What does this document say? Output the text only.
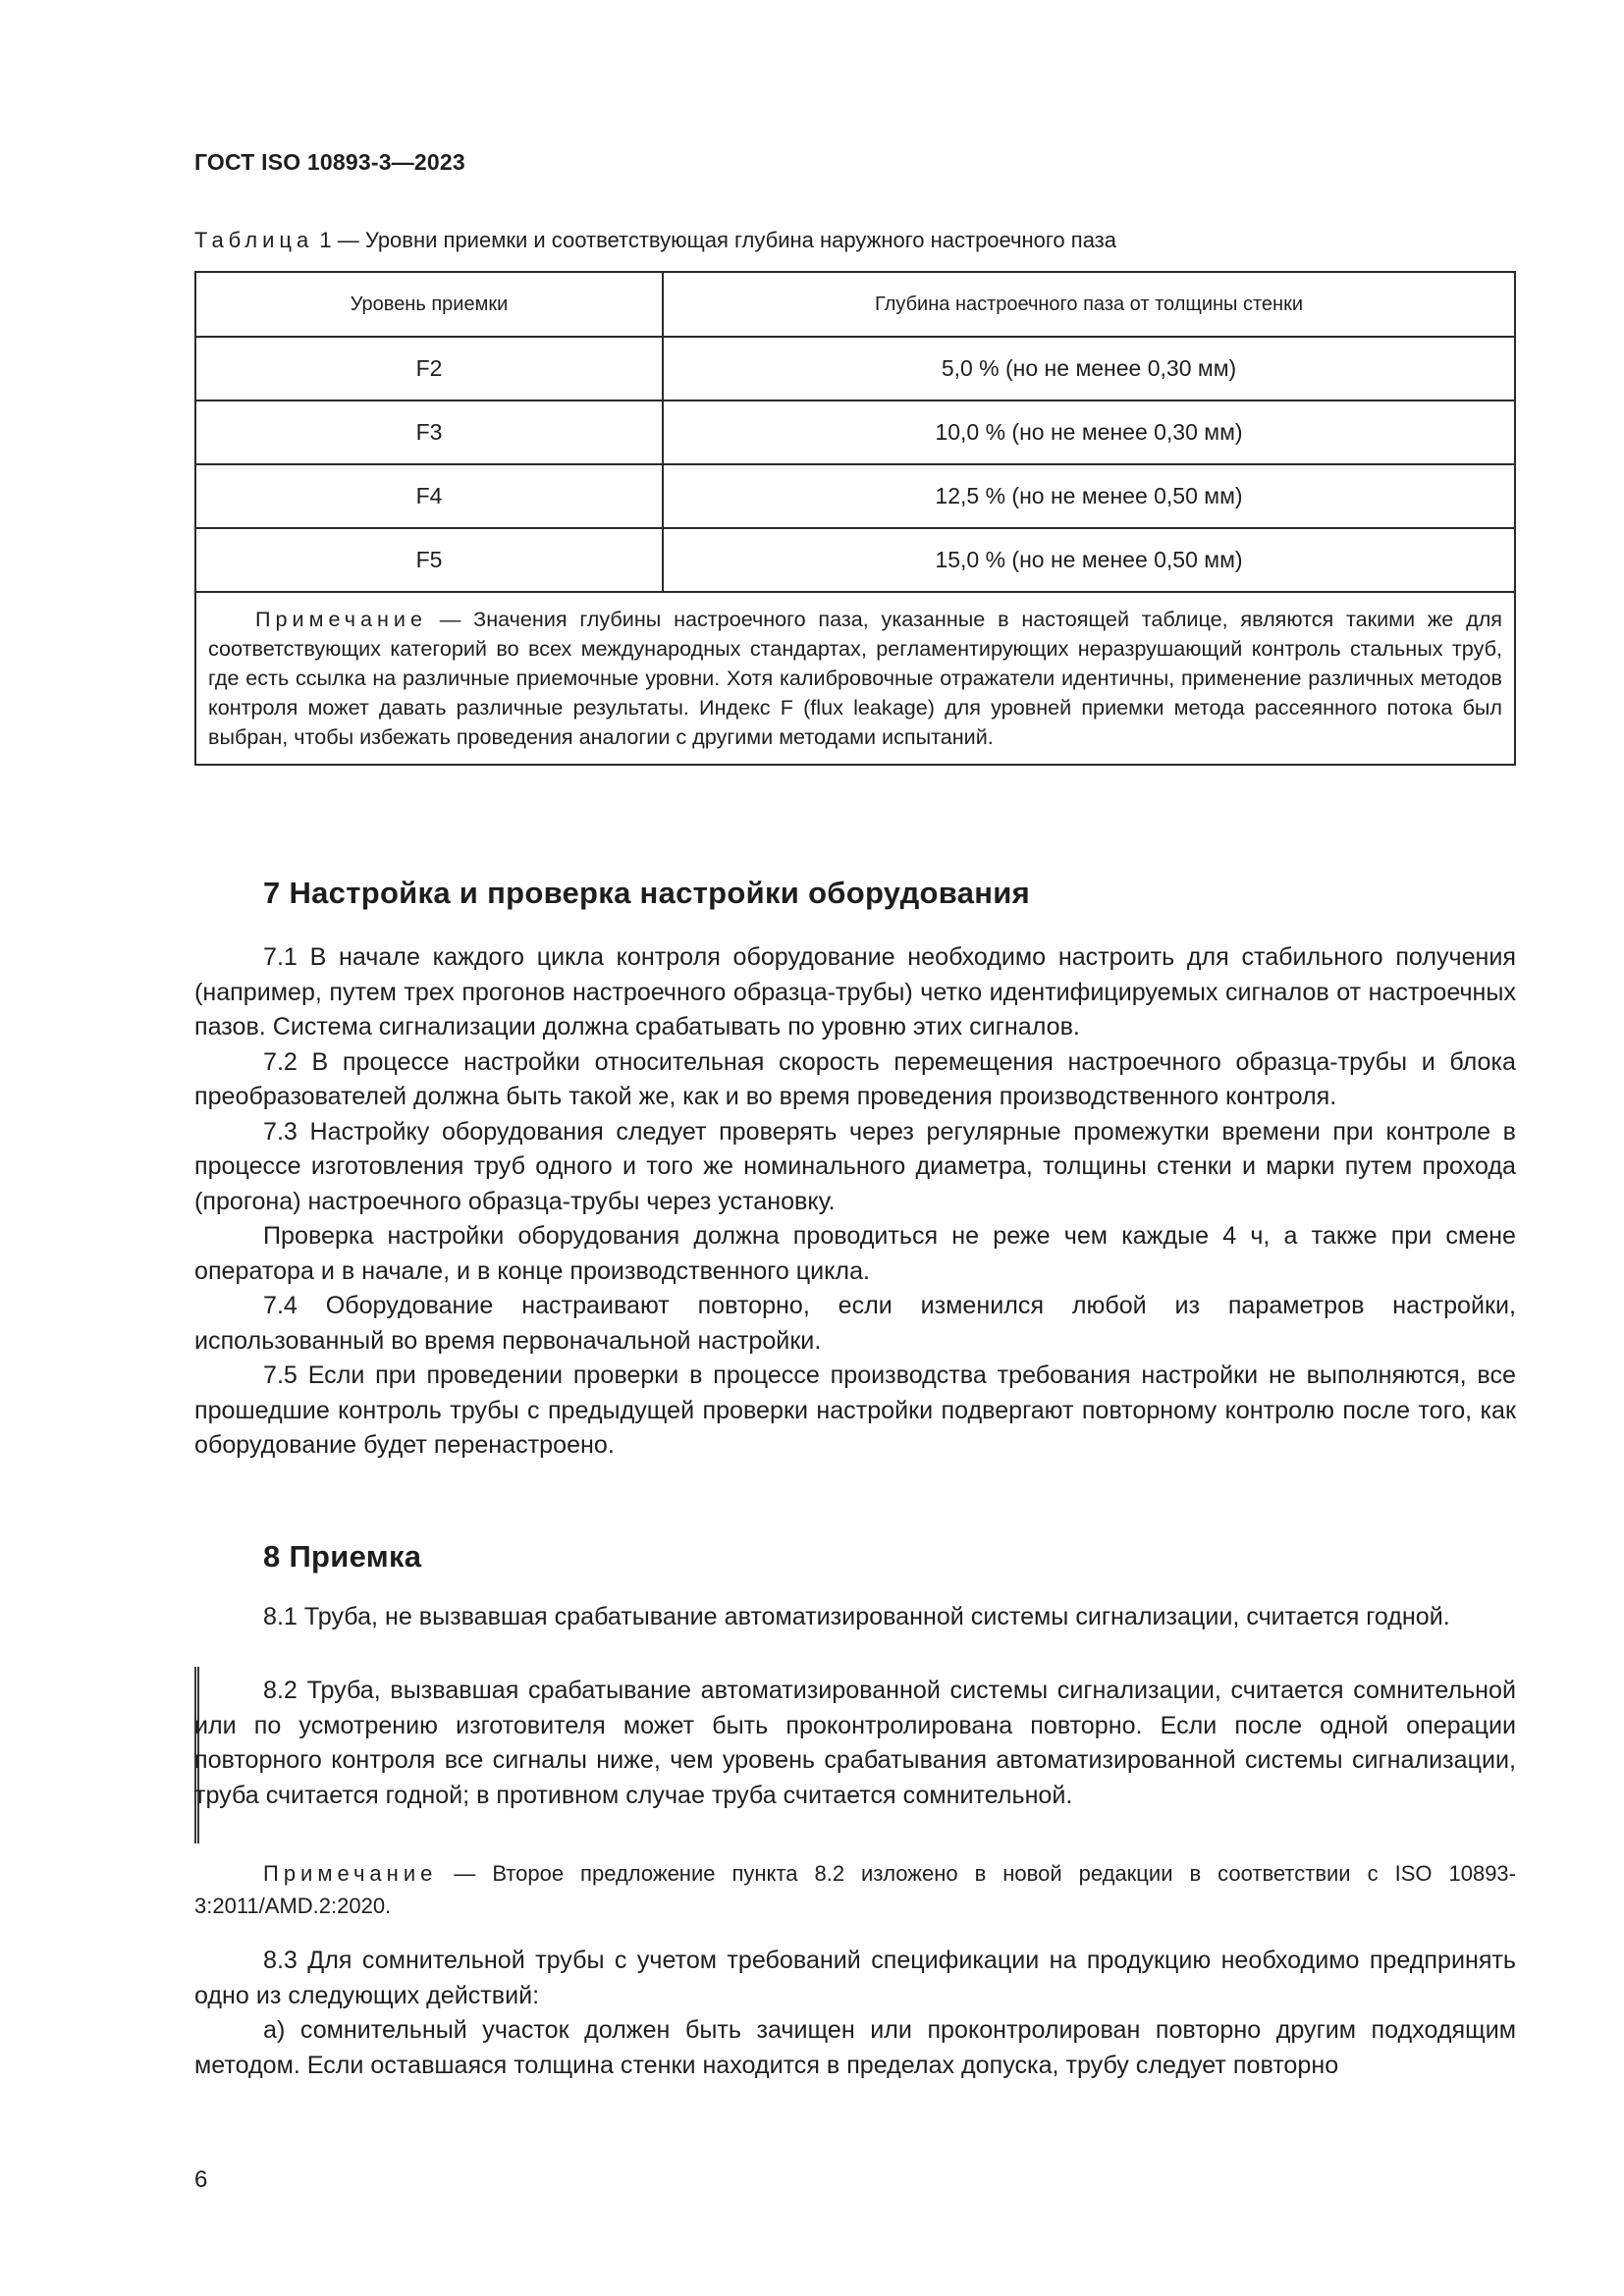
ГОСТ ISO 10893-3—2023
Таблица 1 — Уровни приемки и соответствующая глубина наружного настроечного паза
Уровень приемки	Глубина настроечного паза от толщины стенки
F2	5,0 % (но не менее 0,30 мм)
F3	10,0 % (но не менее 0,30 мм)
F4	12,5 % (но не менее 0,50 мм)
F5	15,0 % (но не менее 0,50 мм)
Примечание — Значения глубины настроечного паза, указанные в настоящей таблице, являются такими же для соответствующих категорий во всех международных стандартах, регламентирующих неразрушающий контроль стальных труб, где есть ссылка на различные приемочные уровни. Хотя калибровочные отражатели идентичны, применение различных методов контроля может давать различные результаты. Индекс F (flux leakage) для уровней приемки метода рассеянного потока был выбран, чтобы избежать проведения аналогии с другими методами испытаний.	
7 Настройка и проверка настройки оборудования

7.1 В начале каждого цикла контроля оборудование необходимо настроить для стабильного получения (например, путем трех прогонов настроечного образца-трубы) четко идентифицируемых сигналов от настроечных пазов. Система сигнализации должна срабатывать по уровню этих сигналов.

7.2 В процессе настройки относительная скорость перемещения настроечного образца-трубы и блока преобразователей должна быть такой же, как и во время проведения производственного контроля.

7.3 Настройку оборудования следует проверять через регулярные промежутки времени при контроле в процессе изготовления труб одного и того же номинального диаметра, толщины стенки и марки путем прохода (прогона) настроечного образца-трубы через установку.

Проверка настройки оборудования должна проводиться не реже чем каждые 4 ч, а также при смене оператора и в начале, и в конце производственного цикла.

7.4 Оборудование настраивают повторно, если изменился любой из параметров настройки, использованный во время первоначальной настройки.

7.5 Если при проведении проверки в процессе производства требования настройки не выполняются, все прошедшие контроль трубы с предыдущей проверки настройки подвергают повторному контролю после того, как оборудование будет перенастроено.

8 Приемка

8.1 Труба, не вызвавшая срабатывание автоматизированной системы сигнализации, считается годной.

8.2 Труба, вызвавшая срабатывание автоматизированной системы сигнализации, считается сомнительной или по усмотрению изготовителя может быть проконтролирована повторно. Если после одной операции повторного контроля все сигналы ниже, чем уровень срабатывания автоматизированной системы сигнализации, труба считается годной; в противном случае труба считается сомнительной.

Примечание — Второе предложение пункта 8.2 изложено в новой редакции в соответствии с ISO 10893-3:2011/AMD.2:2020.

8.3 Для сомнительной трубы с учетом требований спецификации на продукцию необходимо предпринять одно из следующих действий:

а) сомнительный участок должен быть зачищен или проконтролирован повторно другим подходящим методом. Если оставшаяся толщина стенки находится в пределах допуска, трубу следует повторно

6
